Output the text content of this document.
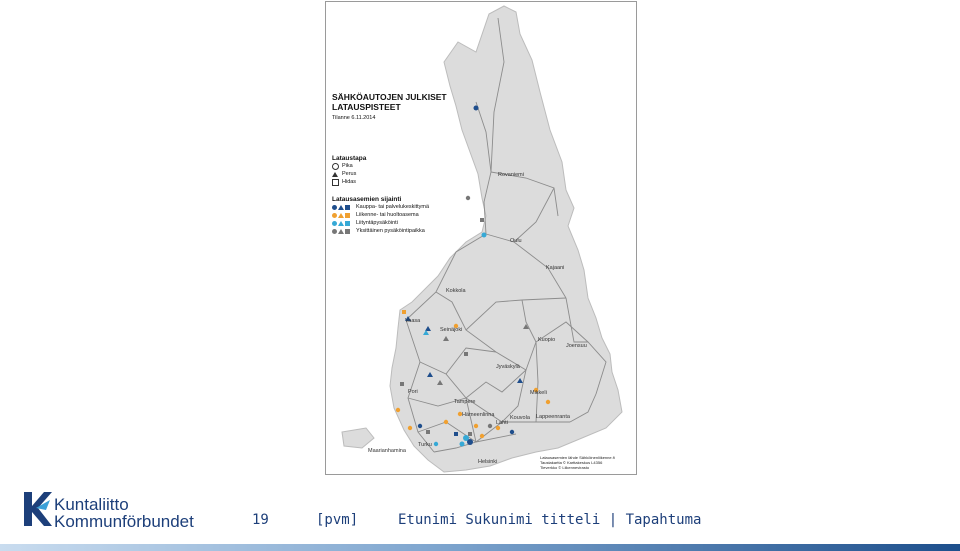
SÄHKÖAUTOJEN JULKISET
LATAUSPISTEET
Tilanne 6.11.2014
Lataustapa
Pika
Perus
Hidas
Latausasemien sijainti
Kauppa- tai palvelukeskittymä
Liikenne- tai huoltoasema
Liityntäpysäköinti
Yksittäinen pysäköintipaikka
Rovaniemi
Oulu
Kajaani
Kokkola
Vaasa
Seinäjoki
Kuopio
Joensuu
Jyväskylä
Pori
Tampere
Mikkeli
Hämeenlinna
Lahti
Kouvola Lappeenranta
Turku
Maarianhamina
Helsinki
Latausasemien lähde Sähköinenliikenne.fi
Taustakartta © Karttakeskus L4356
Tieverkko © Liikennevirasto
Kuntaliitto
Kommunförbundet	19	[pvm]	Etunimi Sukunimi titteli | Tapahtuma
